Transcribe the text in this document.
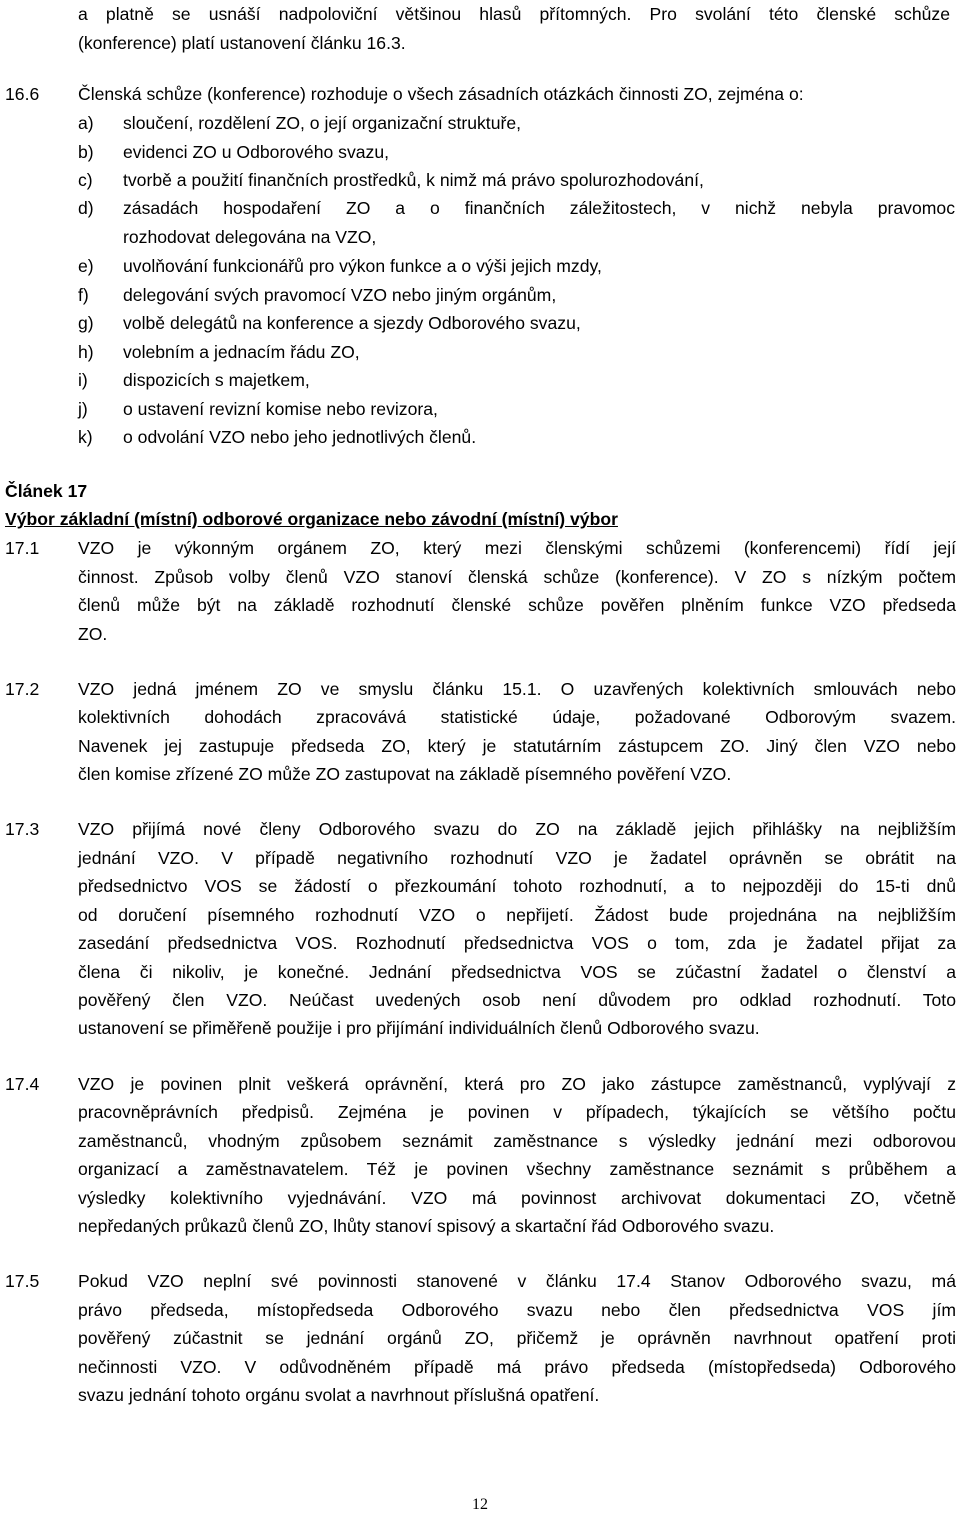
a platně se usnáší nadpoloviční většinou hlasů přítomných. Pro svolání této členské schůze
(konference) platí ustanovení článku 16.3.
16.6 Členská schůze (konference) rozhoduje o všech zásadních otázkách činnosti ZO, zejména o:
a) sloučení, rozdělení ZO, o její organizační struktuře,
b) evidenci ZO u Odborového svazu,
c) tvorbě a použití finančních prostředků, k nimž má právo spolurozhodování,
d) zásadách hospodaření ZO a o finančních záležitostech, v nichž nebyla pravomoc
rozhodovat delegována na VZO,
e) uvolňování funkcionářů pro výkon funkce a o výši jejich mzdy,
f) delegování svých pravomocí VZO nebo jiným orgánům,
g) volbě delegátů na konference a sjezdy Odborového svazu,
h) volebním a jednacím řádu ZO,
i) dispozicích s majetkem,
j) o ustavení revizní komise nebo revizora,
k) o odvolání VZO nebo jeho jednotlivých členů.
Článek 17
Výbor základní (místní) odborové organizace nebo závodní (místní) výbor
17.1 VZO je výkonným orgánem ZO, který mezi členskými schůzemi (konferencemi) řídí její
činnost. Způsob volby členů VZO stanoví členská schůze (konference). V ZO s nízkým počtem
členů může být na základě rozhodnutí členské schůze pověřen plněním funkce VZO předseda
ZO.
17.2 VZO jedná jménem ZO ve smyslu článku 15.1. O uzavřených kolektivních smlouvách nebo
kolektivních dohodách zpracovává statistické údaje, požadované Odborovým svazem.
Navenek jej zastupuje předseda ZO, který je statutárním zástupcem ZO. Jiný člen VZO nebo
člen komise zřízené ZO může ZO zastupovat na základě písemného pověření VZO.
17.3 VZO přijímá nové členy Odborového svazu do ZO na základě jejich přihlášky na nejbližším
jednání VZO. V případě negativního rozhodnutí VZO je žadatel oprávněn se obrátit na
předsednictvo VOS se žádostí o přezkoumání tohoto rozhodnutí, a to nejpozději do 15-ti dnů
od doručení písemného rozhodnutí VZO o nepřijetí. Žádost bude projednána na nejbližším
zasedání předsednictva VOS. Rozhodnutí předsednictva VOS o tom, zda je žadatel přijat za
člena či nikoliv, je konečné. Jednání předsednictva VOS se zúčastní žadatel o členství a
pověřený člen VZO. Neúčast uvedených osob není důvodem pro odklad rozhodnutí. Toto
ustanovení se přiměřeně použije i pro přijímání individuálních členů Odborového svazu.
17.4 VZO je povinen plnit veškerá oprávnění, která pro ZO jako zástupce zaměstnanců, vyplývají z
pracovněprávních předpisů. Zejména je povinen v případech, týkajících se většího počtu
zaměstnanců, vhodným způsobem seznámit zaměstnance s výsledky jednání mezi odborovou
organizací a zaměstnavatelem. Též je povinen všechny zaměstnance seznámit s průběhem a
výsledky kolektivního vyjednávání. VZO má povinnost archivovat dokumentaci ZO, včetně
nepředaných průkazů členů ZO, lhůty stanoví spisový a skartační řád Odborového svazu.
17.5 Pokud VZO neplní své povinnosti stanovené v článku 17.4 Stanov Odborového svazu, má
právo předseda, místopředseda Odborového svazu nebo člen předsednictva VOS jím
pověřený zúčastnit se jednání orgánů ZO, přičemž je oprávněn navrhnout opatření proti
nečinnosti VZO. V odůvodněném případě má právo předseda (místopředseda) Odborového
svazu jednání tohoto orgánu svolat a navrhnout příslušná opatření.
12
